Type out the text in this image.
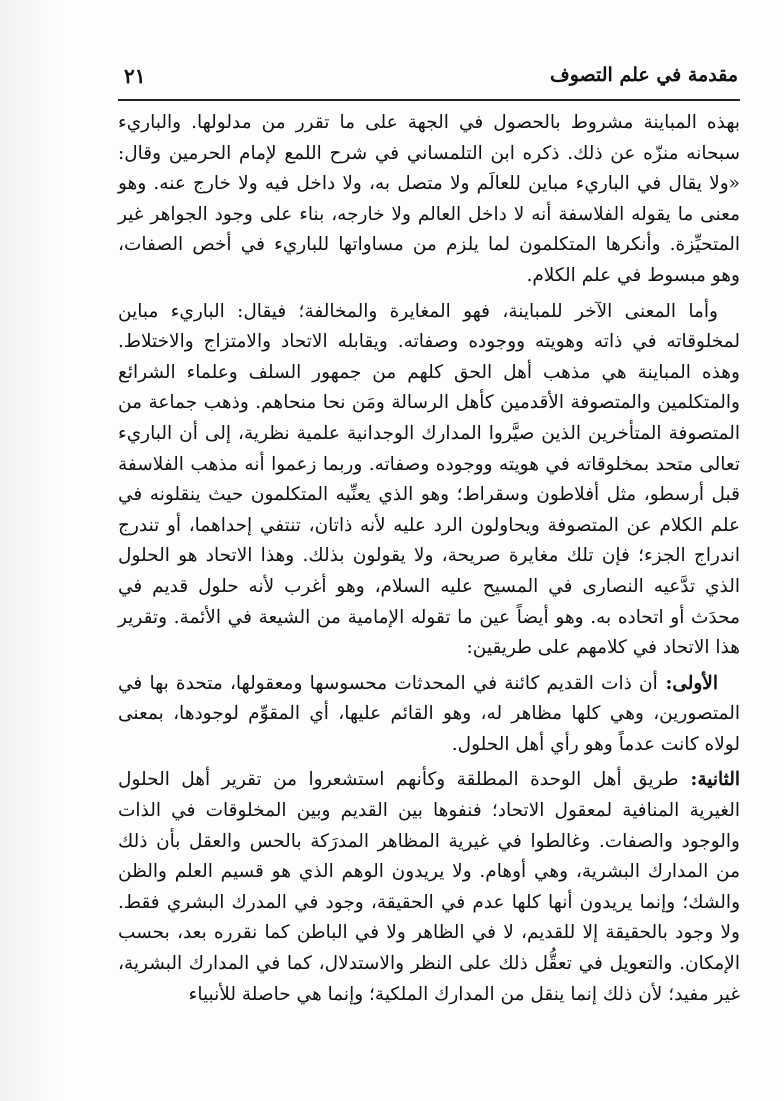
مقدمة في علم التصوف
٢١

بهذه المباينة مشروط بالحصول في الجهة على ما تقرر من مدلولها. والباريء سبحانه منزّه عن ذلك. ذكره ابن التلمساني في شرح اللمع لإمام الحرمين وقال: «ولا يقال في الباريء مباين للعالَم ولا متصل به، ولا داخل فيه ولا خارج عنه. وهو معنى ما يقوله الفلاسفة أنه لا داخل العالم ولا خارجه، بناء على وجود الجواهر غير المتحيِّزة. وأنكرها المتكلمون لما يلزم من مساواتها للباريء في أخص الصفات، وهو مبسوط في علم الكلام.

وأما المعنى الآخر للمباينة، فهو المغايرة والمخالفة؛ فيقال: الباريء مباين لمخلوقاته في ذاته وهويته ووجوده وصفاته. ويقابله الاتحاد والامتزاج والاختلاط. وهذه المباينة هي مذهب أهل الحق كلهم من جمهور السلف وعلماء الشرائع والمتكلمين والمتصوفة الأقدمين كأهل الرسالة ومَن نحا منحاهم. وذهب جماعة من المتصوفة المتأخرين الذين صيَّروا المدارك الوجدانية علمية نظرية، إلى أن الباريء تعالى متحد بمخلوقاته في هويته ووجوده وصفاته. وربما زعموا أنه مذهب الفلاسفة قبل أرسطو، مثل أفلاطون وسقراط؛ وهو الذي يعنِّيه المتكلمون حيث ينقلونه في علم الكلام عن المتصوفة ويحاولون الرد عليه لأنه ذاتان، تنتفي إحداهما، أو تندرج اندراج الجزء؛ فإن تلك مغايرة صريحة، ولا يقولون بذلك. وهذا الاتحاد هو الحلول الذي تدَّعيه النصارى في المسيح عليه السلام، وهو أغرب لأنه حلول قديم في محدَث أو اتحاده به. وهو أيضاً عين ما تقوله الإمامية من الشيعة في الأئمة. وتقرير هذا الاتحاد في كلامهم على طريقين:

الأولى: أن ذات القديم كائنة في المحدثات محسوسها ومعقولها، متحدة بها في المتصورين، وهي كلها مظاهر له، وهو القائم عليها، أي المقوِّم لوجودها، بمعنى لولاه كانت عدماً وهو رأي أهل الحلول.

الثانية: طريق أهل الوحدة المطلقة وكأنهم استشعروا من تقرير أهل الحلول الغيرية المنافية لمعقول الاتحاد؛ فنفوها بين القديم وبين المخلوقات في الذات والوجود والصفات. وغالطوا في غيرية المظاهر المدرَكة بالحس والعقل بأن ذلك من المدارك البشرية، وهي أوهام. ولا يريدون الوهم الذي هو قسيم العلم والظن والشك؛ وإنما يريدون أنها كلها عدم في الحقيقة، وجود في المدرك البشري فقط. ولا وجود بالحقيقة إلا للقديم، لا في الظاهر ولا في الباطن كما نقرره بعد، بحسب الإمكان. والتعويل في تعقُّل ذلك على النظر والاستدلال، كما في المدارك البشرية، غير مفيد؛ لأن ذلك إنما ينقل من المدارك الملكية؛ وإنما هي حاصلة للأنبياء
